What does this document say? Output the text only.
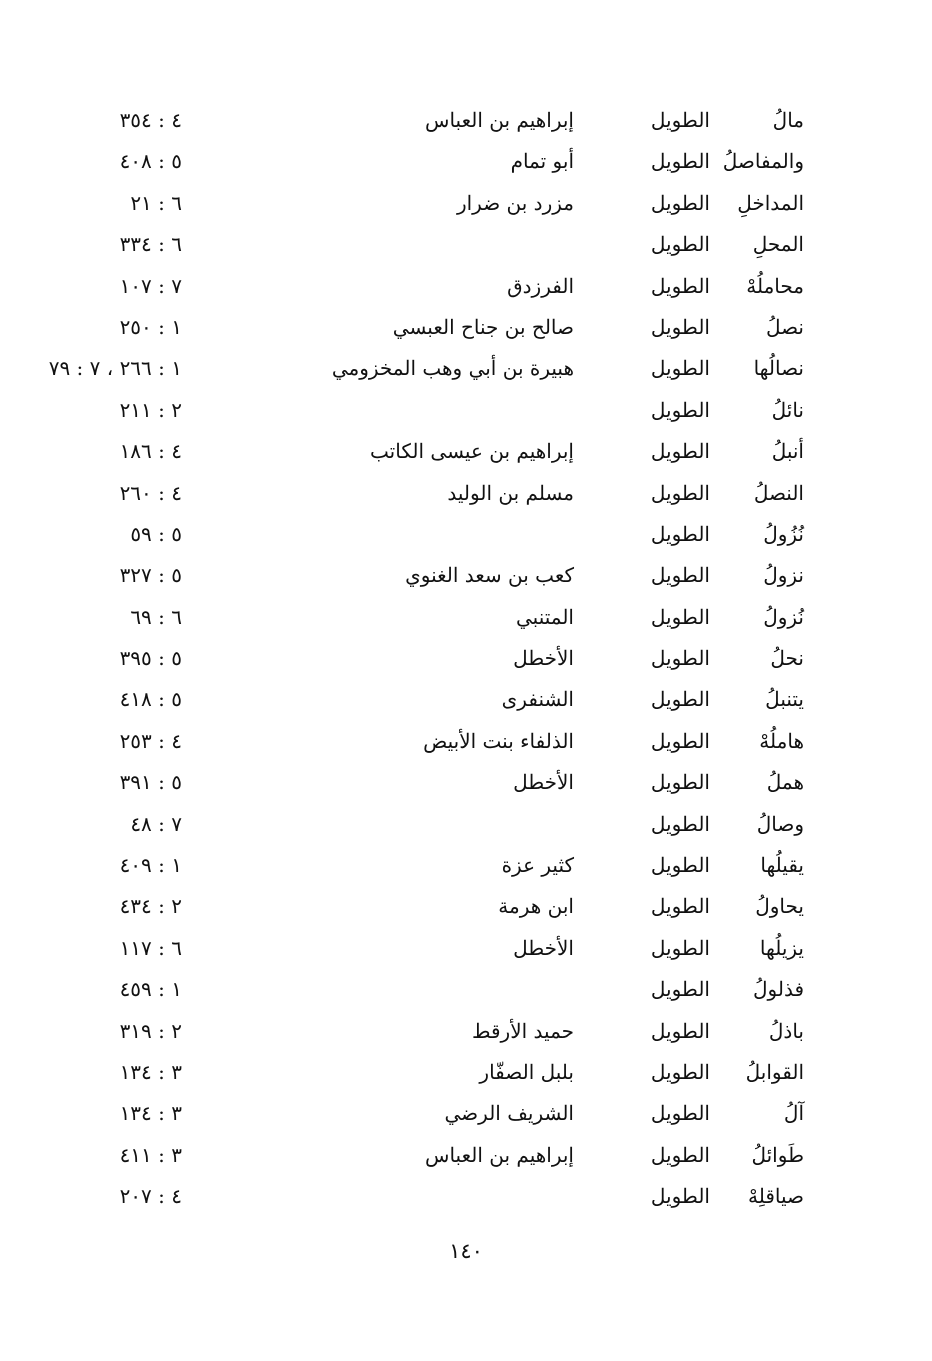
مالُ
الطويل
إبراهيم بن العباس
٤ : ٣٥٤
والمفاصلُ
الطويل
أبو تمام
٥ : ٤٠٨
المداخلِ
الطويل
مزرد بن ضرار
٦ : ٢١
المحلِ
الطويل
٦ : ٣٣٤
محاملُهْ
الطويل
الفرزدق
٧ : ١٠٧
نصلُ
الطويل
صالح بن جناح العبسي
١ : ٢٥٠
نصالُها
الطويل
هبيرة بن أبي وهب المخزومي
١ : ٢٦٦ ، ٧ : ٧٩
نائلُ
الطويل
٢ : ٢١١
أنبلُ
الطويل
إبراهيم بن عيسى الكاتب
٤ : ١٨٦
النصلُ
الطويل
مسلم بن الوليد
٤ : ٢٦٠
نُزُولُ
الطويل
٥ : ٥٩
نزولُ
الطويل
كعب بن سعد الغنوي
٥ : ٣٢٧
نُزولُ
الطويل
المتنبي
٦ : ٦٩
نحلُ
الطويل
الأخطل
٥ : ٣٩٥
يتنبلُ
الطويل
الشنفرى
٥ : ٤١٨
هاملُهْ
الطويل
الذلفاء بنت الأبيض
٤ : ٢٥٣
هملُ
الطويل
الأخطل
٥ : ٣٩١
وصالُ
الطويل
٧ : ٤٨
يقيلُها
الطويل
كثير عزة
١ : ٤٠٩
يحاولُ
الطويل
ابن هرمة
٢ : ٤٣٤
يزيلُها
الطويل
الأخطل
٦ : ١١٧
فذلولُ
الطويل
١ : ٤٥٩
باذلُ
الطويل
حميد الأرقط
٢ : ٣١٩
القوابلُ
الطويل
بلبل الصفّار
٣ : ١٣٤
آلُ
الطويل
الشريف الرضي
٣ : ١٣٤
طَوائلُ
الطويل
إبراهيم بن العباس
٣ : ٤١١
صياقلِهْ
الطويل
٤ : ٢٠٧
١٤٠
